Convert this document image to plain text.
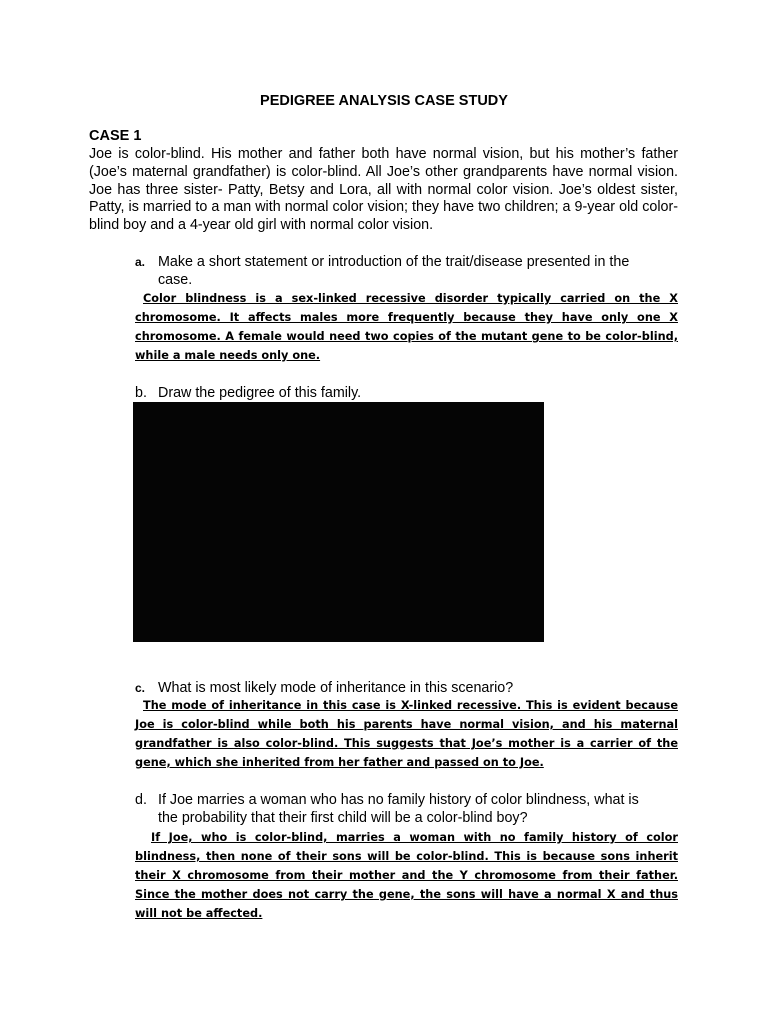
PEDIGREE ANALYSIS CASE STUDY
CASE 1
Joe is color-blind. His mother and father both have normal vision, but his mother’s father (Joe’s maternal grandfather) is color-blind. All Joe’s other grandparents have normal vision. Joe has three sister- Patty, Betsy and Lora, all with normal color vision. Joe’s oldest sister, Patty, is married to a man with normal color vision; they have two children; a 9-year old color-blind boy and a 4-year old girl with normal color vision.
a. Make a short statement or introduction of the trait/disease presented in the
case.
Color blindness is a sex-linked recessive disorder typically carried on the X chromosome. It affects males more frequently because they have only one X chromosome. A female would need two copies of the mutant gene to be color-blind, while a male needs only one.
b. Draw the pedigree of this family.
c. What is most likely mode of inheritance in this scenario?
The mode of inheritance in this case is X-linked recessive. This is evident because Joe is color-blind while both his parents have normal vision, and his maternal grandfather is also color-blind. This suggests that Joe’s mother is a carrier of the gene, which she inherited from her father and passed on to Joe.
d. If Joe marries a woman who has no family history of color blindness, what is
the probability that their first child will be a color-blind boy?
If Joe, who is color-blind, marries a woman with no family history of color blindness, then none of their sons will be color-blind. This is because sons inherit their X chromosome from their mother and the Y chromosome from their father. Since the mother does not carry the gene, the sons will have a normal X and thus will not be affected.
